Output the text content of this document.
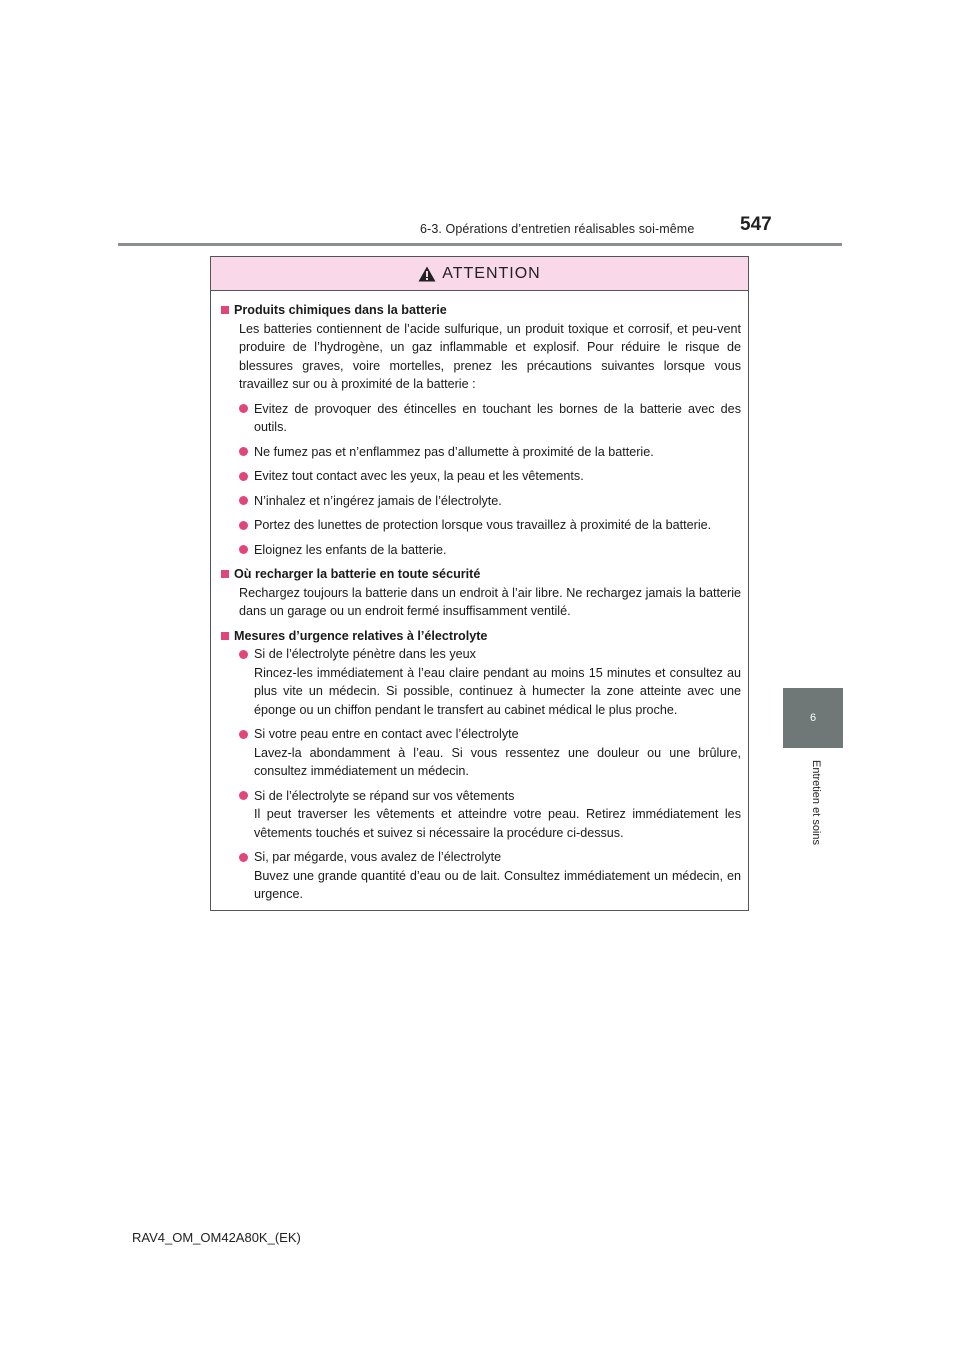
6-3. Opérations d’entretien réalisables soi-même 547
6
Entretien et soins
ATTENTION
Produits chimiques dans la batterie
Les batteries contiennent de l’acide sulfurique, un produit toxique et corrosif, et peu-vent produire de l’hydrogène, un gaz inflammable et explosif. Pour réduire le risque de blessures graves, voire mortelles, prenez les précautions suivantes lorsque vous travaillez sur ou à proximité de la batterie :
Evitez de provoquer des étincelles en touchant les bornes de la batterie avec des outils.
Ne fumez pas et n’enflammez pas d’allumette à proximité de la batterie.
Evitez tout contact avec les yeux, la peau et les vêtements.
N’inhalez et n’ingérez jamais de l’électrolyte.
Portez des lunettes de protection lorsque vous travaillez à proximité de la batterie.
Eloignez les enfants de la batterie.
Où recharger la batterie en toute sécurité
Rechargez toujours la batterie dans un endroit à l’air libre. Ne rechargez jamais la batterie dans un garage ou un endroit fermé insuffisamment ventilé.
Mesures d’urgence relatives à l’électrolyte
Si de l’électrolyte pénètre dans les yeux
Rincez-les immédiatement à l’eau claire pendant au moins 15 minutes et consultez au plus vite un médecin. Si possible, continuez à humecter la zone atteinte avec une éponge ou un chiffon pendant le transfert au cabinet médical le plus proche.
Si votre peau entre en contact avec l’électrolyte
Lavez-la abondamment à l’eau. Si vous ressentez une douleur ou une brûlure, consultez immédiatement un médecin.
Si de l’électrolyte se répand sur vos vêtements
Il peut traverser les vêtements et atteindre votre peau. Retirez immédiatement les vêtements touchés et suivez si nécessaire la procédure ci-dessus.
Si, par mégarde, vous avalez de l’électrolyte
Buvez une grande quantité d’eau ou de lait. Consultez immédiatement un médecin, en urgence.
RAV4_OM_OM42A80K_(EK)
